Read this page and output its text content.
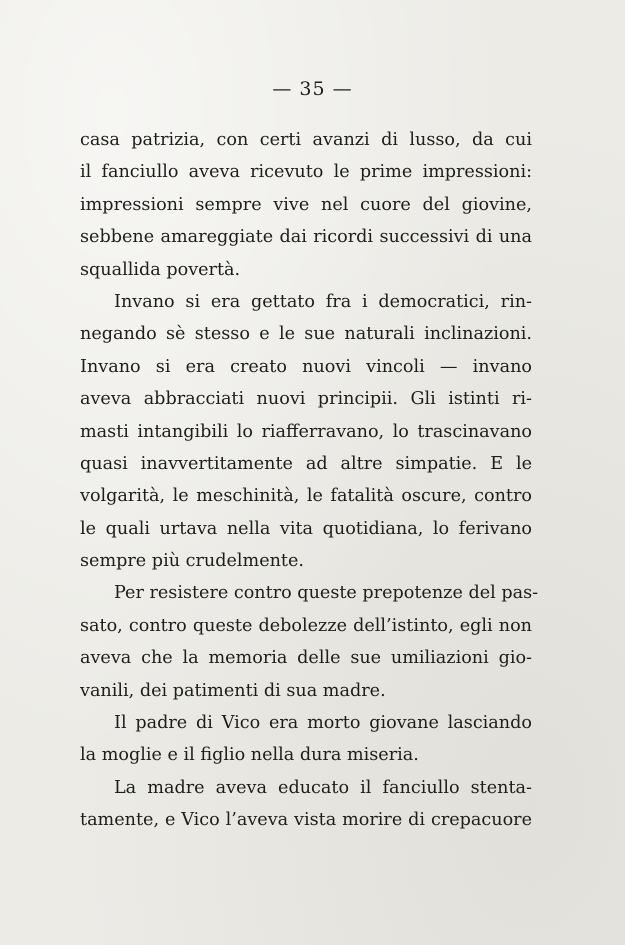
— 35 —
casa patrizia, con certi avanzi di lusso, da cui
il fanciullo aveva ricevuto le prime impressioni:
impressioni sempre vive nel cuore del giovine,
sebbene amareggiate dai ricordi successivi di una
squallida povertà.
Invano si era gettato fra i democratici, rin-
negando sè stesso e le sue naturali inclinazioni.
Invano si era creato nuovi vincoli — invano
aveva abbracciati nuovi principii. Gli istinti ri-
masti intangibili lo riafferravano, lo trascinavano
quasi inavvertitamente ad altre simpatie. E le
volgarità, le meschinità, le fatalità oscure, contro
le quali urtava nella vita quotidiana, lo ferivano
sempre più crudelmente.
Per resistere contro queste prepotenze del pas-
sato, contro queste debolezze dell’istinto, egli non
aveva che la memoria delle sue umiliazioni gio-
vanili, dei patimenti di sua madre.
Il padre di Vico era morto giovane lasciando
la moglie e il figlio nella dura miseria.
La madre aveva educato il fanciullo stenta-
tamente, e Vico l’aveva vista morire di crepacuore
